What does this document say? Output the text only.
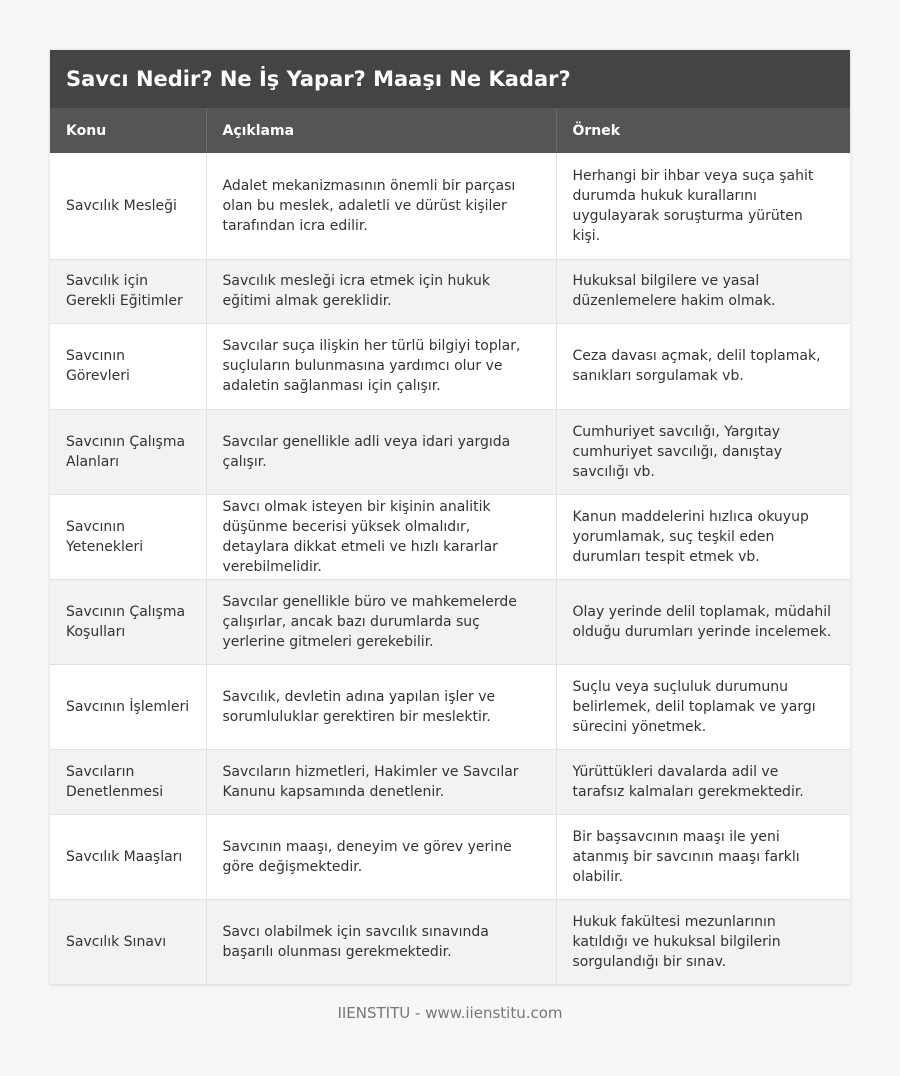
Savcı Nedir? Ne İş Yapar? Maaşı Ne Kadar?
Konu	Açıklama	Örnek
Savcılık Mesleği	Adalet mekanizmasının önemli bir parçası olan bu meslek, adaletli ve dürüst kişiler tarafından icra edilir.	Herhangi bir ihbar veya suça şahit durumda hukuk kurallarını uygulayarak soruşturma yürüten kişi.
Savcılık için Gerekli Eğitimler	Savcılık mesleği icra etmek için hukuk eğitimi almak gereklidir.	Hukuksal bilgilere ve yasal düzenlemelere hakim olmak.
Savcının Görevleri	Savcılar suça ilişkin her türlü bilgiyi toplar, suçluların bulunmasına yardımcı olur ve adaletin sağlanması için çalışır.	Ceza davası açmak, delil toplamak, sanıkları sorgulamak vb.
Savcının Çalışma Alanları	Savcılar genellikle adli veya idari yargıda çalışır.	Cumhuriyet savcılığı, Yargıtay cumhuriyet savcılığı, danıştay savcılığı vb.
Savcının Yetenekleri	Savcı olmak isteyen bir kişinin analitik düşünme becerisi yüksek olmalıdır, detaylara dikkat etmeli ve hızlı kararlar verebilmelidir.	Kanun maddelerini hızlıca okuyup yorumlamak, suç teşkil eden durumları tespit etmek vb.
Savcının Çalışma Koşulları	Savcılar genellikle büro ve mahkemelerde çalışırlar, ancak bazı durumlarda suç yerlerine gitmeleri gerekebilir.	Olay yerinde delil toplamak, müdahil olduğu durumları yerinde incelemek.
Savcının İşlemleri	Savcılık, devletin adına yapılan işler ve sorumluluklar gerektiren bir meslektir.	Suçlu veya suçluluk durumunu belirlemek, delil toplamak ve yargı sürecini yönetmek.
Savcıların Denetlenmesi	Savcıların hizmetleri, Hakimler ve Savcılar Kanunu kapsamında denetlenir.	Yürüttükleri davalarda adil ve tarafsız kalmaları gerekmektedir.
Savcılık Maaşları	Savcının maaşı, deneyim ve görev yerine göre değişmektedir.	Bir başsavcının maaşı ile yeni atanmış bir savcının maaşı farklı olabilir.
Savcılık Sınavı	Savcı olabilmek için savcılık sınavında başarılı olunması gerekmektedir.	Hukuk fakültesi mezunlarının katıldığı ve hukuksal bilgilerin sorgulandığı bir sınav.
IIENSTITU - www.iienstitu.com
